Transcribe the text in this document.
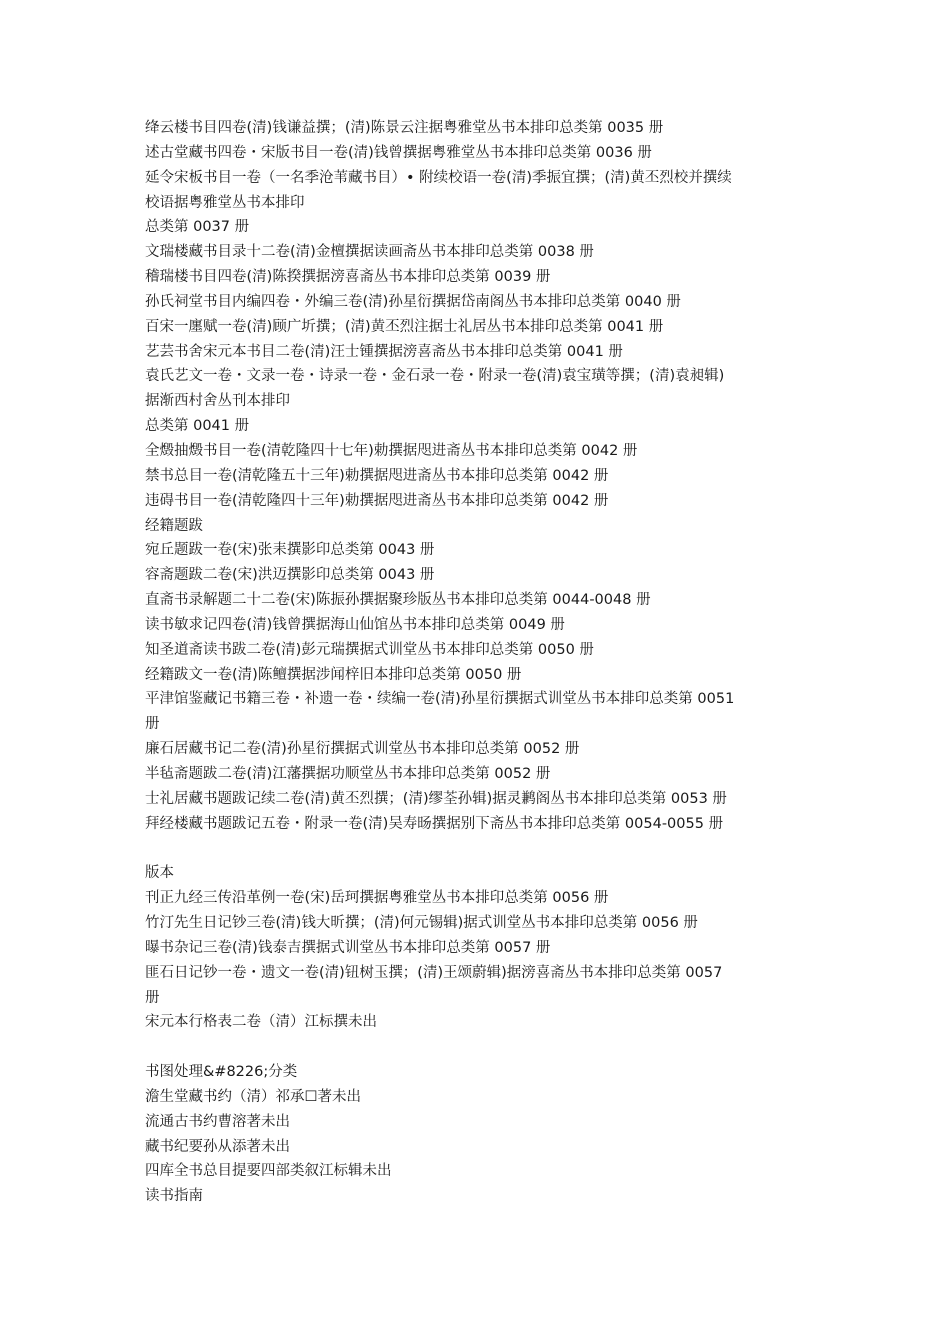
绛云楼书目四卷(清)钱谦益撰；(清)陈景云注据粤雅堂丛书本排印总类第 0035 册
述古堂藏书四卷・宋版书目一卷(清)钱曾撰据粤雅堂丛书本排印总类第 0036 册
延令宋板书目一卷（一名季沧苇藏书目）• 附续校语一卷(清)季振宜撰；(清)黄丕烈校并撰续
校语据粤雅堂丛书本排印
总类第 0037 册
文瑞楼藏书目录十二卷(清)金檀撰据读画斋丛书本排印总类第 0038 册
稽瑞楼书目四卷(清)陈揆撰据滂喜斋丛书本排印总类第 0039 册
孙氏祠堂书目内编四卷・外编三卷(清)孙星衍撰据岱南阁丛书本排印总类第 0040 册
百宋一廛赋一卷(清)顾广圻撰；(清)黄丕烈注据士礼居丛书本排印总类第 0041 册
艺芸书舍宋元本书目二卷(清)汪士锺撰据滂喜斋丛书本排印总类第 0041 册
袁氏艺文一卷・文录一卷・诗录一卷・金石录一卷・附录一卷(清)袁宝璜等撰；(清)袁昶辑)
据渐西村舍丛刊本排印
总类第 0041 册
全燬抽燬书目一卷(清乾隆四十七年)勅撰据咫进斋丛书本排印总类第 0042 册
禁书总目一卷(清乾隆五十三年)勅撰据咫进斋丛书本排印总类第 0042 册
违碍书目一卷(清乾隆四十三年)勅撰据咫进斋丛书本排印总类第 0042 册
经籍题跋
宛丘题跋一卷(宋)张耒撰影印总类第 0043 册
容斋题跋二卷(宋)洪迈撰影印总类第 0043 册
直斋书录解题二十二卷(宋)陈振孙撰据聚珍版丛书本排印总类第 0044-0048 册
读书敏求记四卷(清)钱曾撰据海山仙馆丛书本排印总类第 0049 册
知圣道斋读书跋二卷(清)彭元瑞撰据式训堂丛书本排印总类第 0050 册
经籍跋文一卷(清)陈鳣撰据涉闻梓旧本排印总类第 0050 册
平津馆鉴藏记书籍三卷・补遗一卷・续编一卷(清)孙星衍撰据式训堂丛书本排印总类第 0051
册
廉石居藏书记二卷(清)孙星衍撰据式训堂丛书本排印总类第 0052 册
半毡斋题跋二卷(清)江藩撰据功顺堂丛书本排印总类第 0052 册
士礼居藏书题跋记续二卷(清)黄丕烈撰；(清)缪荃孙辑)据灵鹣阁丛书本排印总类第 0053 册
拜经楼藏书题跋记五卷・附录一卷(清)吴寿旸撰据别下斋丛书本排印总类第 0054-0055 册
版本
刊正九经三传沿革例一卷(宋)岳珂撰据粤雅堂丛书本排印总类第 0056 册
竹汀先生日记钞三卷(清)钱大昕撰；(清)何元锡辑)据式训堂丛书本排印总类第 0056 册
曝书杂记三卷(清)钱泰吉撰据式训堂丛书本排印总类第 0057 册
匪石日记钞一卷・遗文一卷(清)钮树玉撰；(清)王颂蔚辑)据滂喜斋丛书本排印总类第 0057
册
宋元本行格表二卷（清）江标撰未出
书图处理&#8226;分类
澹生堂藏书约（清）祁承☐著未出
流通古书约曹溶著未出
藏书纪要孙从添著未出
四库全书总目提要四部类叙江标辑未出
读书指南
